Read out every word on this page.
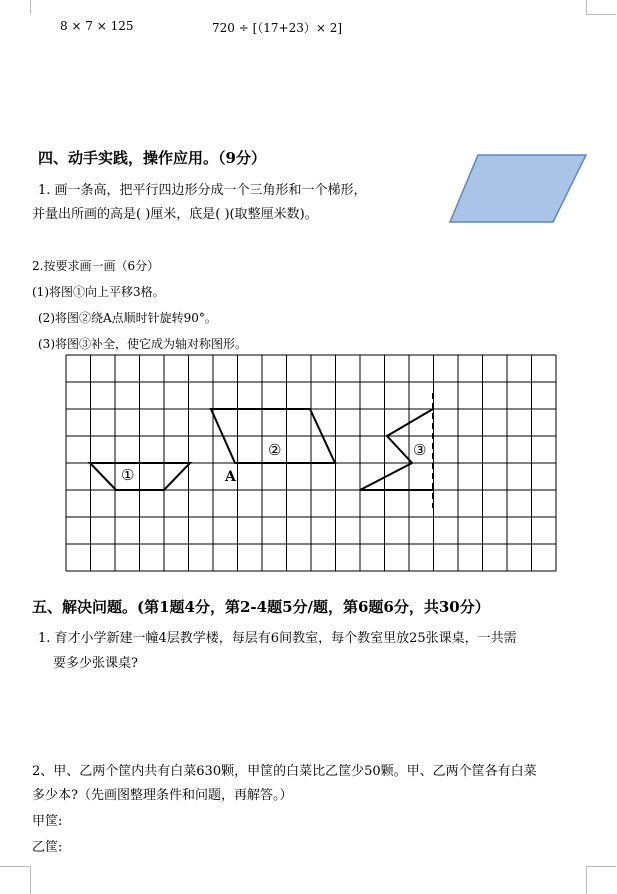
8 × 7 × 125	720 ÷ [（17+23）× 2]
四、动手实践，操作应用。（9分）
1. 画一条高，把平行四边形分成一个三角形和一个梯形，
并量出所画的高是( )厘米，底是( )(取整厘米数)。
2.按要求画一画（6分）
(1)将图①向上平移3格。
(2)将图②绕A点顺时针旋转90°。
(3)将图③补全，使它成为轴对称图形。
①
②	③
A
五、解决问题。(第1题4分，第2-4题5分/题，第6题6分，共30分）
1. 育才小学新建一幢4层教学楼，每层有6间教室，每个教室里放25张课桌，一共需
要多少张课桌?
2、甲、乙两个筐内共有白菜630颗，甲筐的白菜比乙筐少50颗。甲、乙两个筐各有白菜
多少本?（先画图整理条件和问题，再解答。）
甲筐:
乙筐:
